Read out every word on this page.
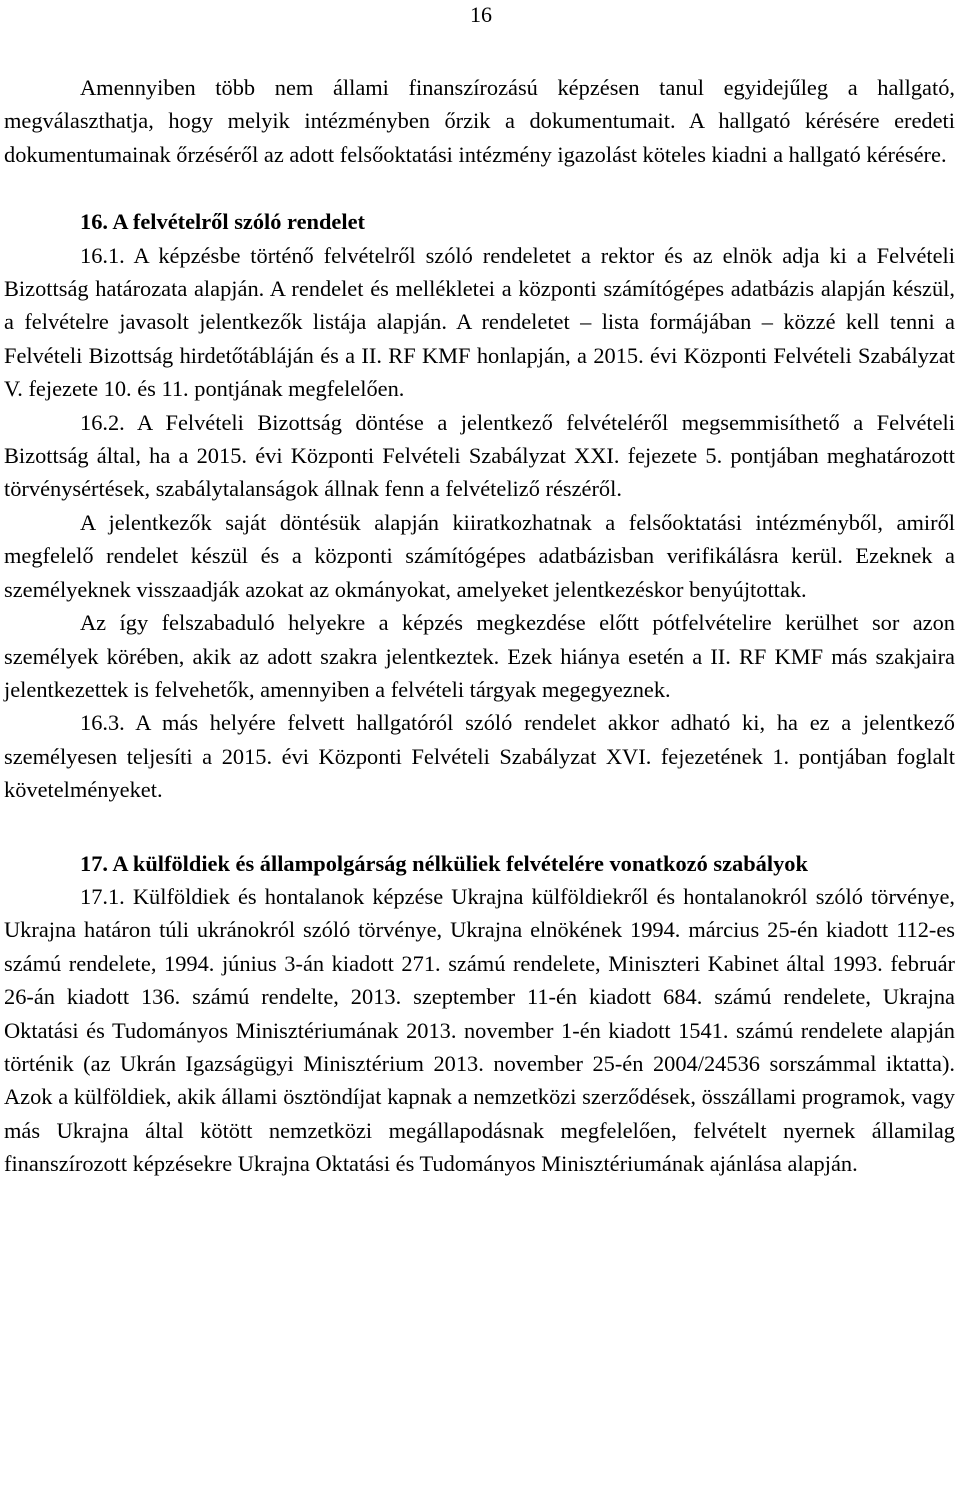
16

Amennyiben több nem állami finanszírozású képzésen tanul egyidejűleg a hallgató, megválaszthatja, hogy melyik intézményben őrzik a dokumentumait. A hallgató kérésére eredeti dokumentumainak őrzéséről az adott felsőoktatási intézmény igazolást köteles kiadni a hallgató kérésére.

16. A felvételről szóló rendelet

16.1. A képzésbe történő felvételről szóló rendeletet a rektor és az elnök adja ki a Felvételi Bizottság határozata alapján. A rendelet és mellékletei a központi számítógépes adatbázis alapján készül, a felvételre javasolt jelentkezők listája alapján. A rendeletet – lista formájában – közzé kell tenni a Felvételi Bizottság hirdetőtábláján és a II. RF KMF honlapján, a 2015. évi Központi Felvételi Szabályzat V. fejezete 10. és 11. pontjának megfelelően.

16.2. A Felvételi Bizottság döntése a jelentkező felvételéről megsemmisíthető a Felvételi Bizottság által, ha a 2015. évi Központi Felvételi Szabályzat XXI. fejezete 5. pontjában meghatározott törvénysértések, szabálytalanságok állnak fenn a felvételiző részéről.

A jelentkezők saját döntésük alapján kiiratkozhatnak a felsőoktatási intézményből, amiről megfelelő rendelet készül és a központi számítógépes adatbázisban verifikálásra kerül. Ezeknek a személyeknek visszaadják azokat az okmányokat, amelyeket jelentkezéskor benyújtottak.

Az így felszabaduló helyekre a képzés megkezdése előtt pótfelvételire kerülhet sor azon személyek körében, akik az adott szakra jelentkeztek. Ezek hiánya esetén a II. RF KMF más szakjaira jelentkezettek is felvehetők, amennyiben a felvételi tárgyak megegyeznek.

16.3. A más helyére felvett hallgatóról szóló rendelet akkor adható ki, ha ez a jelentkező személyesen teljesíti a 2015. évi Központi Felvételi Szabályzat XVI. fejezetének 1. pontjában foglalt követelményeket.

17. A külföldiek és állampolgárság nélküliek felvételére vonatkozó szabályok

17.1. Külföldiek és hontalanok képzése Ukrajna külföldiekről és hontalanokról szóló törvénye, Ukrajna határon túli ukránokról szóló törvénye, Ukrajna elnökének 1994. március 25-én kiadott 112-es számú rendelete, 1994. június 3-án kiadott 271. számú rendelete, Miniszteri Kabinet által 1993. február 26-án kiadott 136. számú rendelte, 2013. szeptember 11-én kiadott 684. számú rendelete, Ukrajna Oktatási és Tudományos Minisztériumának 2013. november 1-én kiadott 1541. számú rendelete alapján történik (az Ukrán Igazságügyi Minisztérium 2013. november 25-én 2004/24536 sorszámmal iktatta). Azok a külföldiek, akik állami ösztöndíjat kapnak a nemzetközi szerződések, összállami programok, vagy más Ukrajna által kötött nemzetközi megállapodásnak megfelelően, felvételt nyernek államilag finanszírozott képzésekre Ukrajna Oktatási és Tudományos Minisztériumának ajánlása alapján.
